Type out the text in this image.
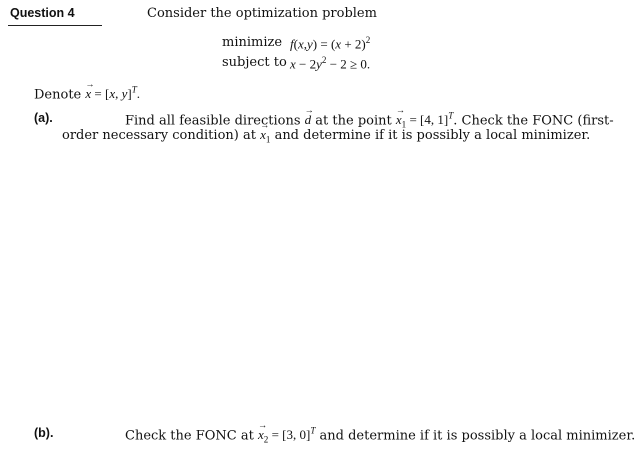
Question 4	Consider the optimization problem
minimize $f(x,y) = (x + 2)^2$
subject to $x - 2y^2 - 2 \ge 0$.
Denote → x = [x, y]$^T$.
(a).	Find all feasible directions → d at the point → $x_1 = [4$, 1]$^T$. Check the FONC (first-
order necessary condition) at → $x_1$ and determine if it is possibly a local minimizer.
(b).	Check the FONC at → $x_2 = [3$, 0]$^T$ and determine if it is possibly a local minimizer.
